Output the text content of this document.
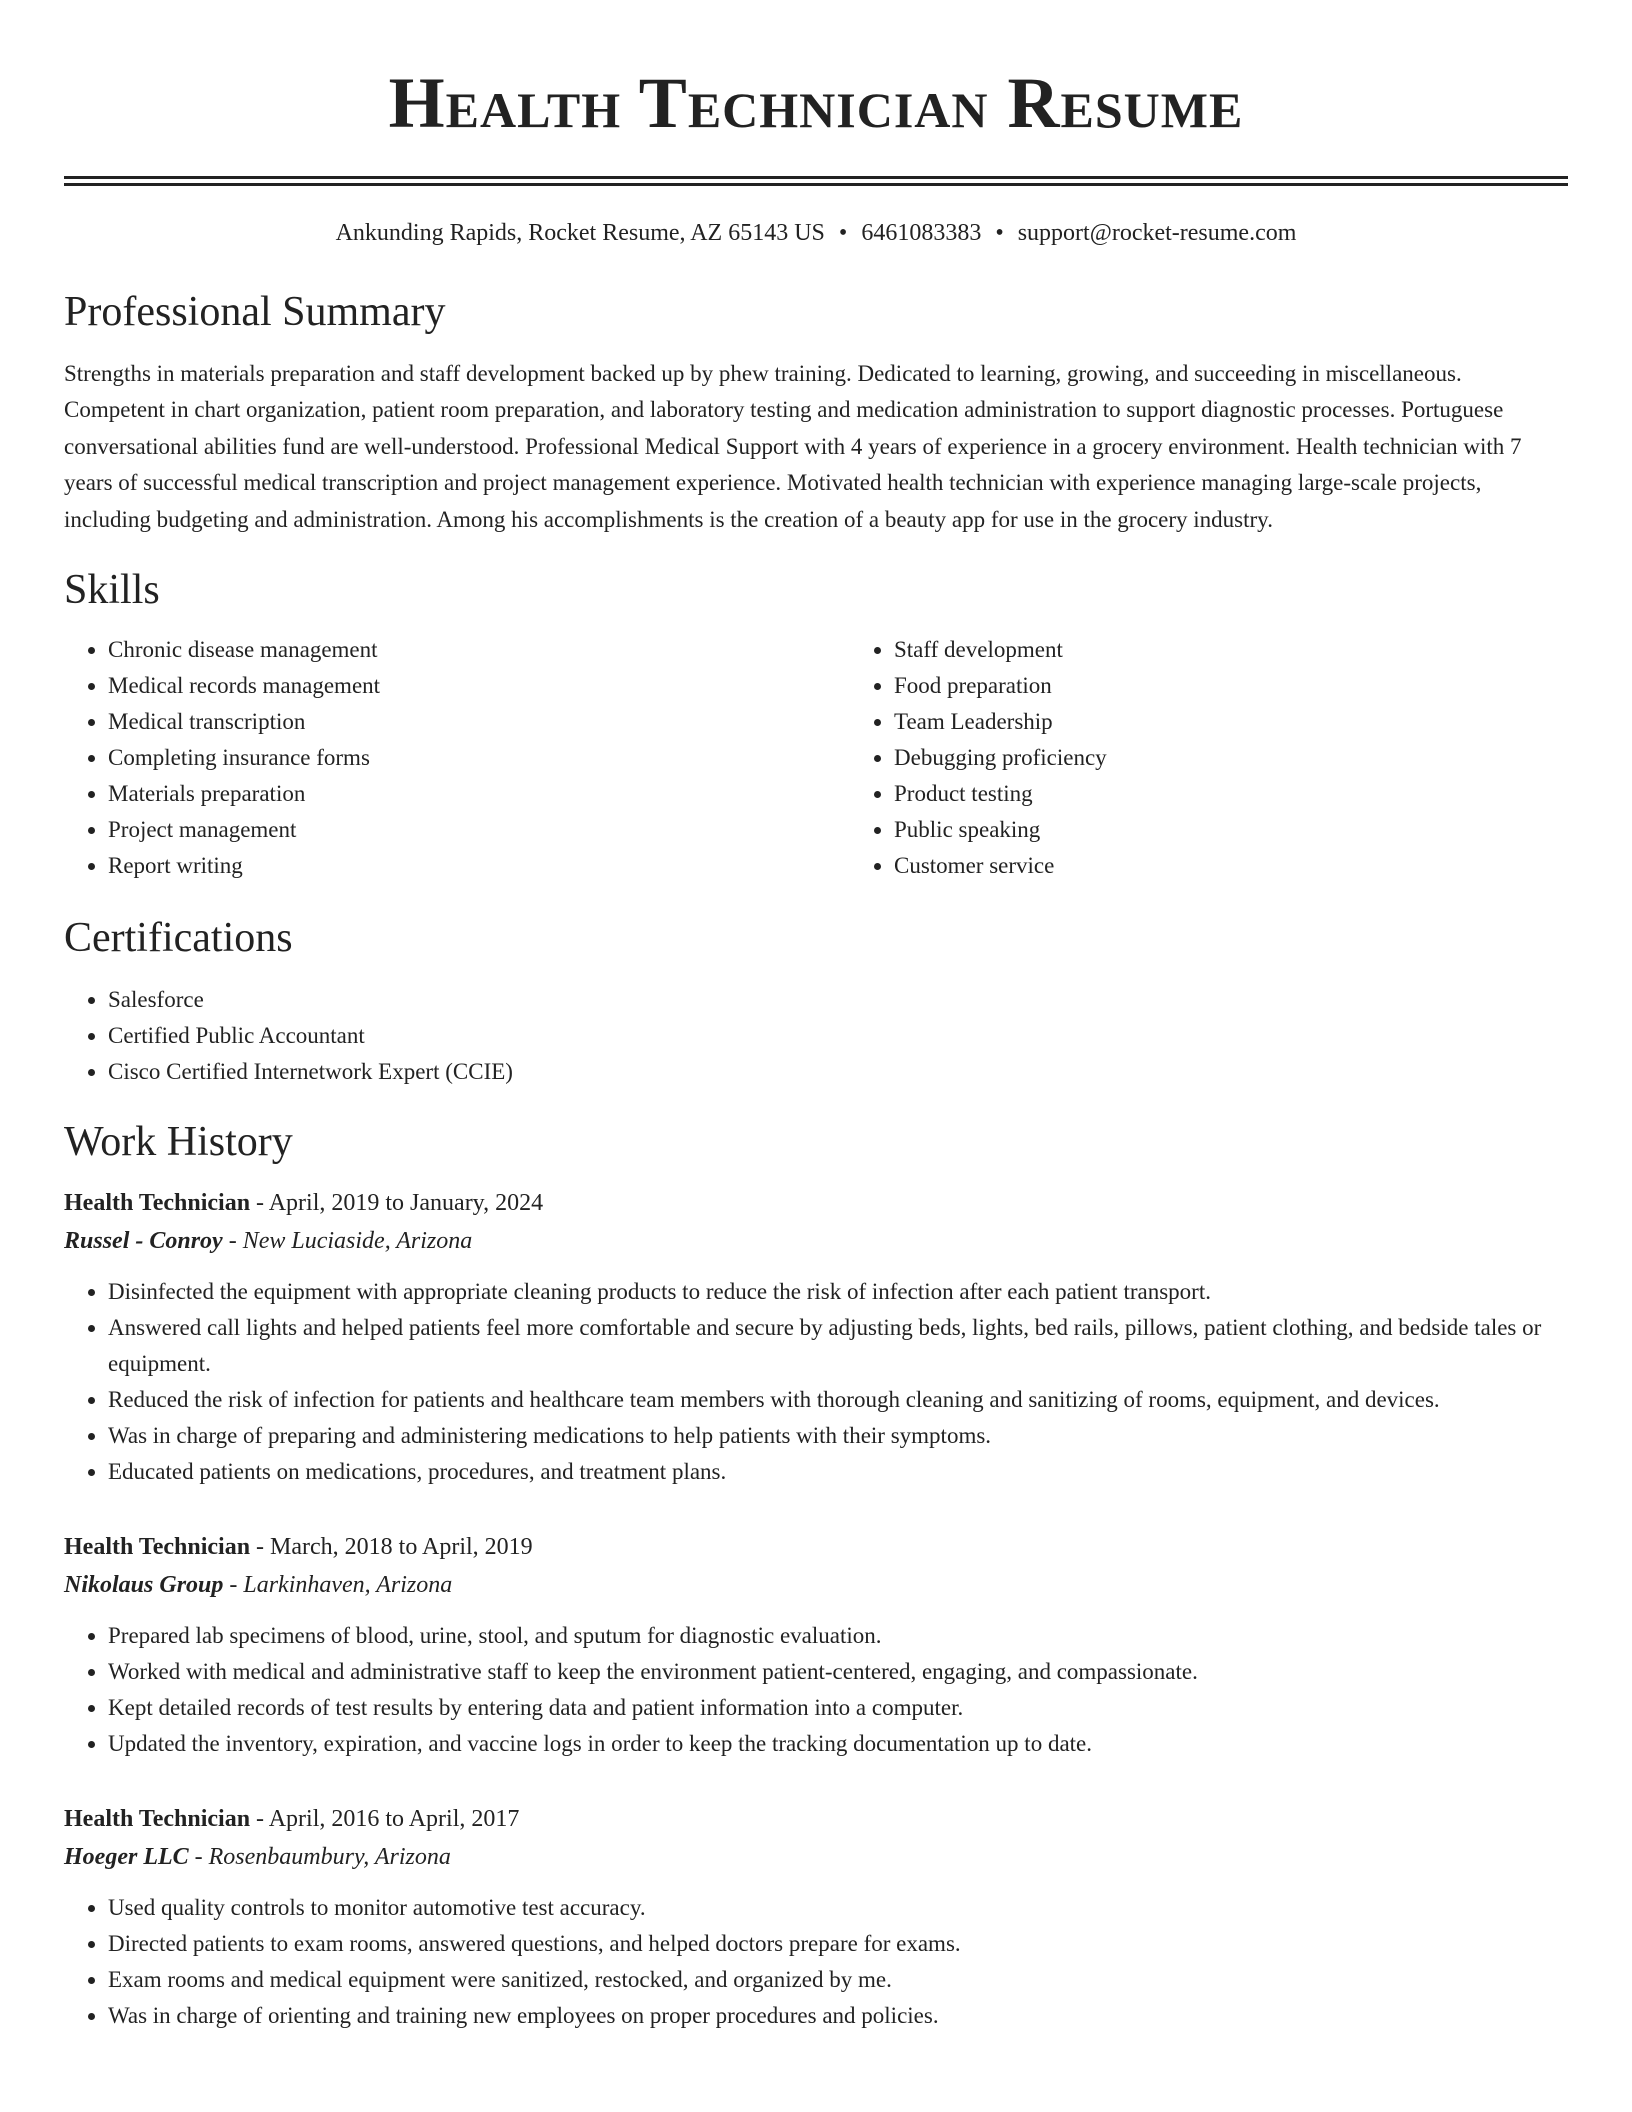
Health Technician Resume
Ankunding Rapids, Rocket Resume, AZ 65143 US • 6461083383 • support@rocket-resume.com
Professional Summary

Strengths in materials preparation and staff development backed up by phew training. Dedicated to learning, growing, and succeeding in miscellaneous. Competent in chart organization, patient room preparation, and laboratory testing and medication administration to support diagnostic processes. Portuguese conversational abilities fund are well-understood. Professional Medical Support with 4 years of experience in a grocery environment. Health technician with 7 years of successful medical transcription and project management experience. Motivated health technician with experience managing large-scale projects, including budgeting and administration. Among his accomplishments is the creation of a beauty app for use in the grocery industry.

Skills
• Chronic disease management
• Medical records management
• Medical transcription
• Completing insurance forms
• Materials preparation
• Project management
• Report writing
• Staff development
• Food preparation
• Team Leadership
• Debugging proficiency
• Product testing
• Public speaking
• Customer service
Certifications
• Salesforce
• Certified Public Accountant
• Cisco Certified Internetwork Expert (CCIE)
Work History
Health Technician - April, 2019 to January, 2024
Russel - Conroy - New Luciaside, Arizona
• Disinfected the equipment with appropriate cleaning products to reduce the risk of infection after each patient transport.
• Answered call lights and helped patients feel more comfortable and secure by adjusting beds, lights, bed rails, pillows, patient clothing, and bedside tales or equipment.
• Reduced the risk of infection for patients and healthcare team members with thorough cleaning and sanitizing of rooms, equipment, and devices.
• Was in charge of preparing and administering medications to help patients with their symptoms.
• Educated patients on medications, procedures, and treatment plans.
Health Technician - March, 2018 to April, 2019
Nikolaus Group - Larkinhaven, Arizona
• Prepared lab specimens of blood, urine, stool, and sputum for diagnostic evaluation.
• Worked with medical and administrative staff to keep the environment patient-centered, engaging, and compassionate.
• Kept detailed records of test results by entering data and patient information into a computer.
• Updated the inventory, expiration, and vaccine logs in order to keep the tracking documentation up to date.
Health Technician - April, 2016 to April, 2017
Hoeger LLC - Rosenbaumbury, Arizona
• Used quality controls to monitor automotive test accuracy.
• Directed patients to exam rooms, answered questions, and helped doctors prepare for exams.
• Exam rooms and medical equipment were sanitized, restocked, and organized by me.
• Was in charge of orienting and training new employees on proper procedures and policies.
